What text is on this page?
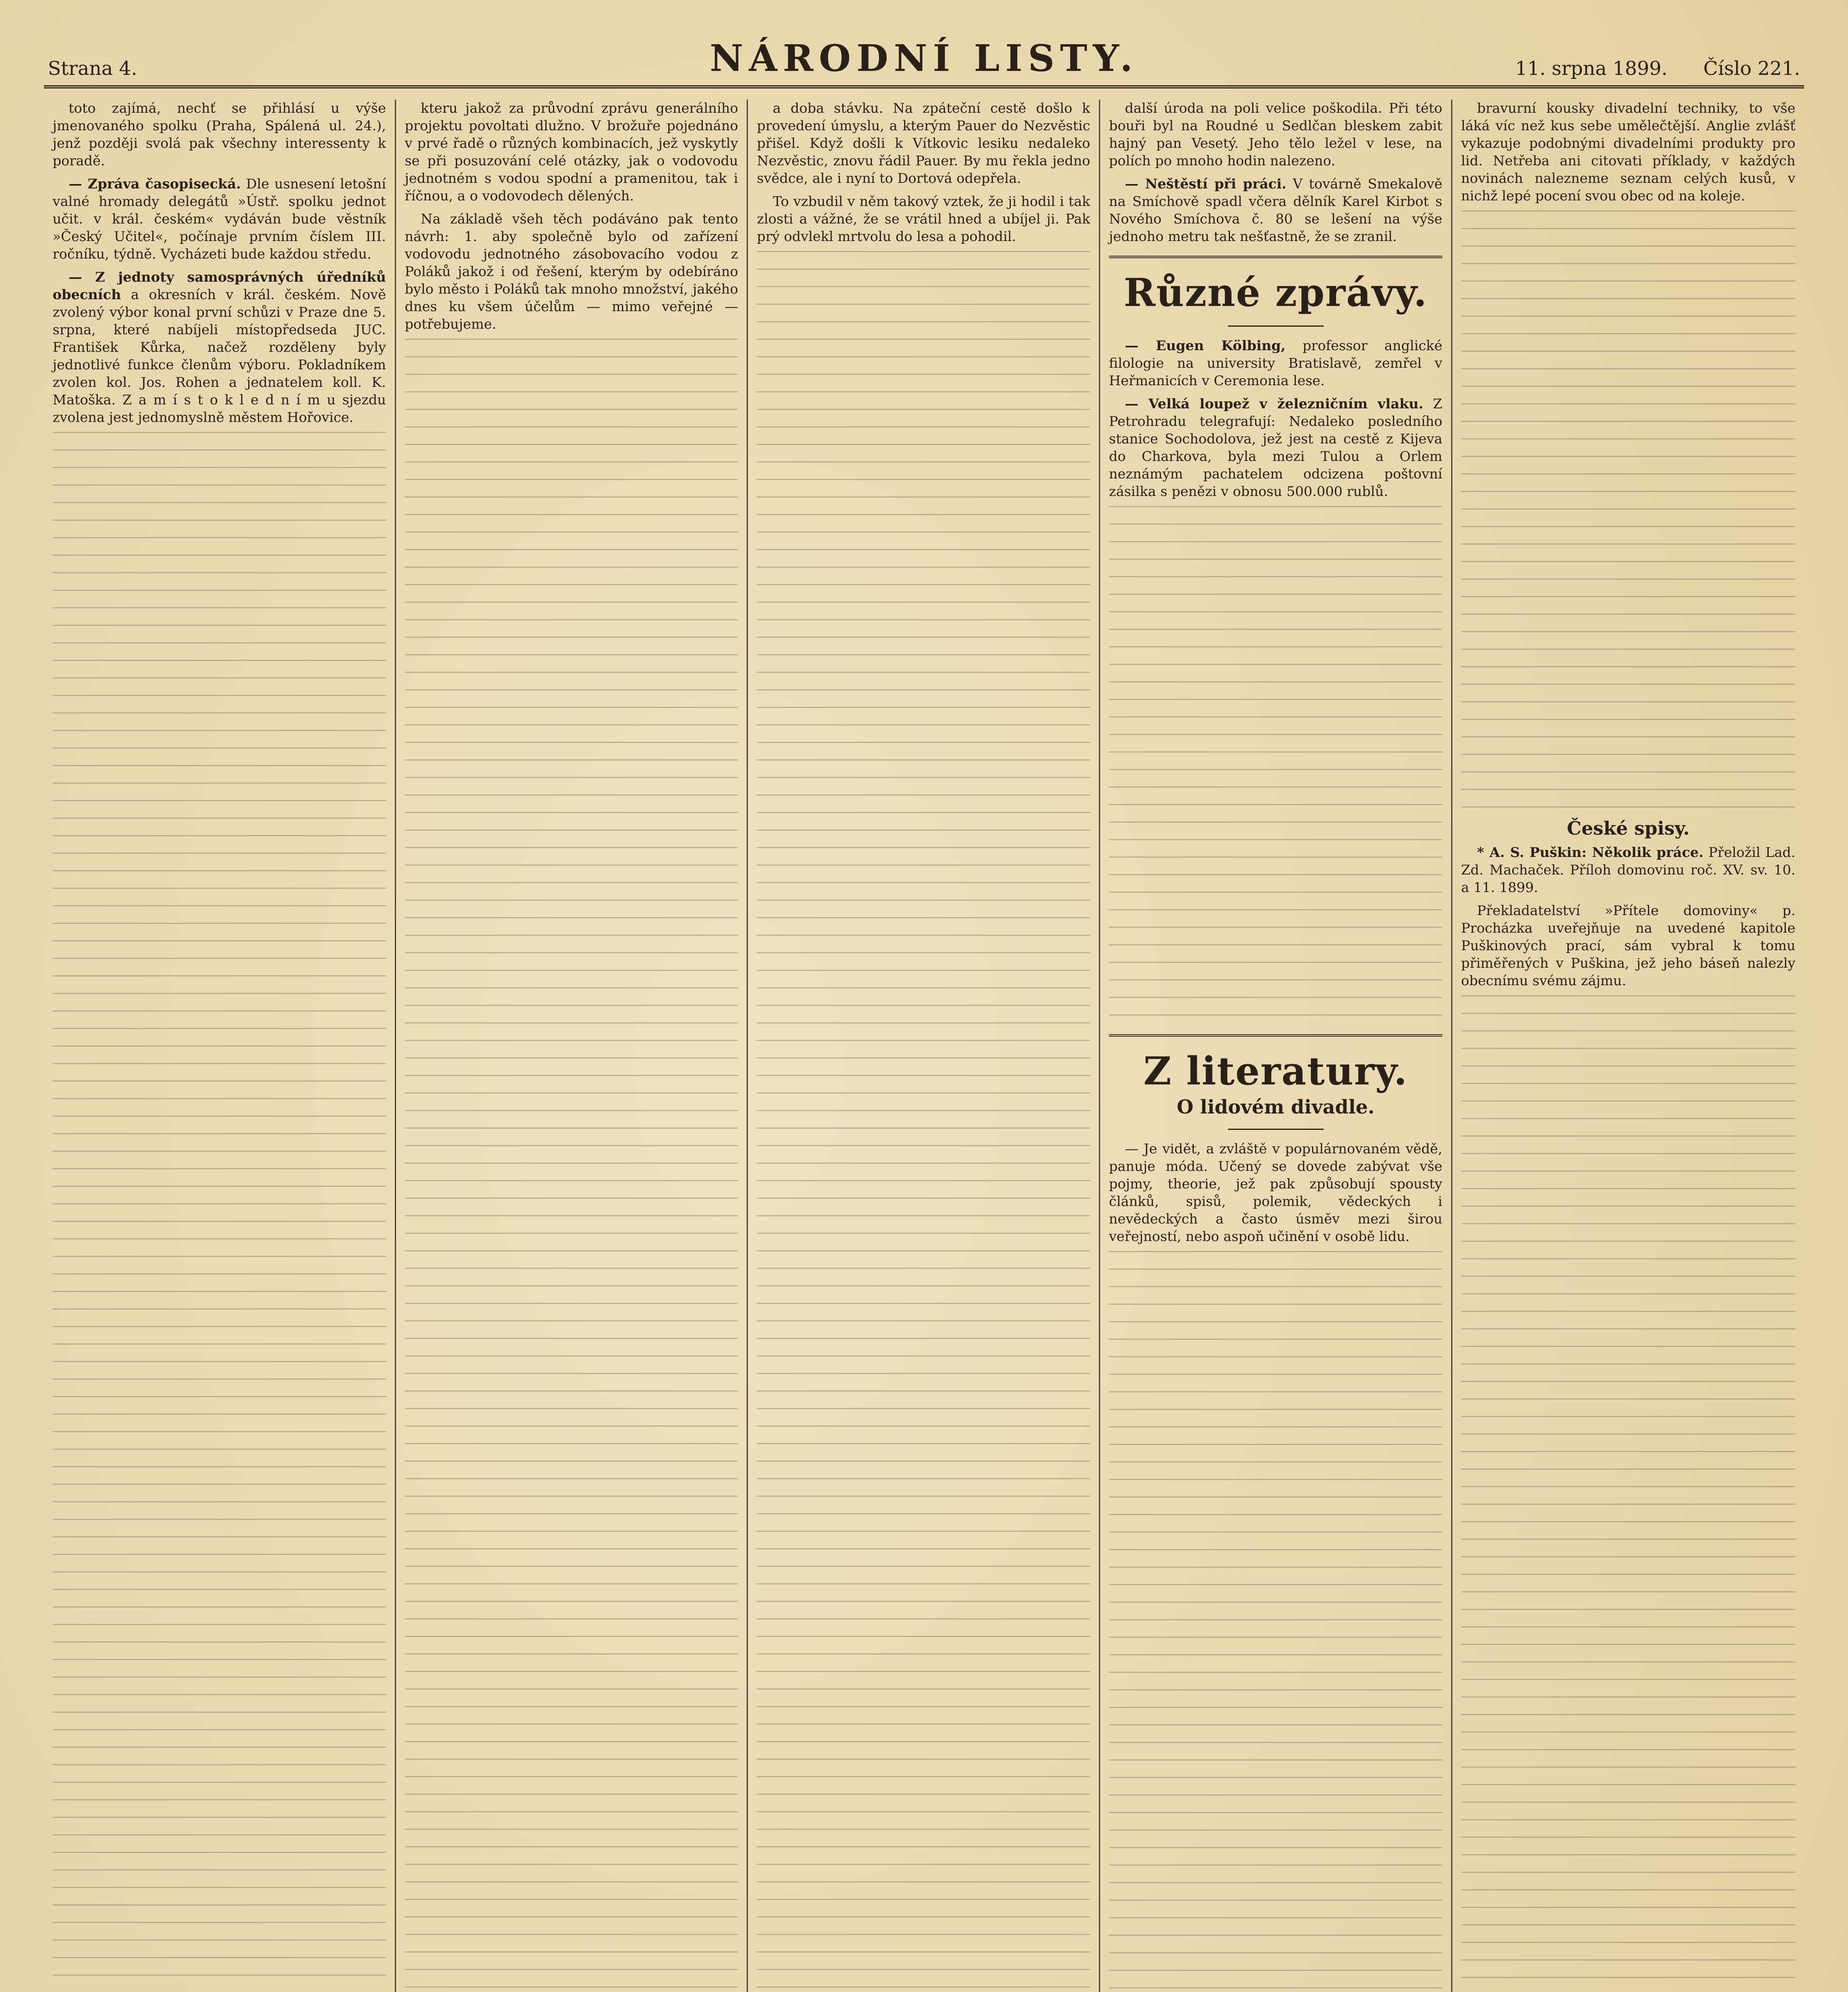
Strana 4.	NÁRODNÍ LISTY.	11. srpna 1899. Číslo 221.

toto zajímá, nechť se přihlásí u výše jmenovaného spolku (Praha, Spálená ul. 24.), jenž později svolá pak všechny interessenty k poradě.

— Zpráva časopisecká. Dle usnesení letošní valné hromady delegátů »Ústř. spolku jednot učit. v král. českém« vydáván bude věstník »Český Učitel«, počínaje prvním číslem III. ročníku, týdně. Vycházeti bude každou středu.

— Z jednoty samosprávných úředníků obecních a okresních v král. českém. Nově zvolený výbor konal první schůzi v Praze dne 5. srpna, které nabíjeli místopředseda JUC. František Kůrka, načež rozděleny byly jednotlivé funkce členům výboru. Pokladníkem zvolen kol. Jos. Rohen a jednatelem koll. K. Matoška. Z a m í s t o k l e d n í m u sjezdu zvolena jest jednomyslně městem Hořovice.

kteru jakož za průvodní zprávu generálního projektu povoltati dlužno. V brožuře pojednáno v prvé řadě o různých kombinacích, jež vyskytly se při posuzování celé otázky, jak o vodovodu jednotném s vodou spodní a pramenitou, tak i říčnou, a o vodovodech dělených.

Na základě všeh těch podáváno pak tento návrh: 1. aby společně bylo od zařízení vodovodu jednotného zásobovacího vodou z Poláků jakož i od řešení, kterým by odebíráno bylo město i Poláků tak mnoho množství, jakého dnes ku všem účelům — mimo veřejné — potřebujeme.

a doba stávku. Na zpáteční cestě došlo k provedení úmyslu, a kterým Pauer do Nezvěstic přišel. Když došli k Vítkovic lesiku nedaleko Nezvěstic, znovu řádil Pauer. By mu řekla jedno svědce, ale i nyní to Dortová odepřela.

To vzbudil v něm takový vztek, že ji hodil i tak zlosti a vážné, že se vrátil hned a ubíjel ji. Pak prý odvlekl mrtvolu do lesa a pohodil.

další úroda na poli velice poškodila. Při této bouři byl na Roudné u Sedlčan bleskem zabit hajný pan Vesetý. Jeho tělo ležel v lese, na polích po mnoho hodin nalezeno.

— Neštěstí při práci. V továrně Smekalově na Smíchově spadl včera dělník Karel Kirbot s Nového Smíchova č. 80 se lešení na výše jednoho metru tak nešťastně, že se zranil.

Různé zprávy.

— Eugen Kölbing, professor anglické filologie na university Bratislavě, zemřel v Heřmanicích v Ceremonia lese.

— Velká loupež v železničním vlaku. Z Petrohradu telegrafují: Nedaleko posledního stanice Sochodolova, jež jest na cestě z Kijeva do Charkova, byla mezi Tulou a Orlem neznámým pachatelem odcizena poštovní zásilka s penězi v obnosu 500.000 rublů.

Z literatury.
O lidovém divadle.

— Je vidět, a zvláště v populárnovaném vědě, panuje móda. Učený se dovede zabývat vše pojmy, theorie, jež pak způsobují spousty článků, spisů, polemik, vědeckých i nevědeckých a často úsměv mezi širou veřejností, nebo aspoň učinění v osobě lidu.

bravurní kousky divadelní techniky, to vše láká víc než kus sebe umělečtější. Anglie zvlášť vykazuje podobnými divadelními produkty pro lid. Netřeba ani citovati příklady, v každých novinách nalezneme seznam celých kusů, v nichž lepé pocení svou obec od na koleje.

České spisy.

* A. S. Puškin: Několik práce. Přeložil Lad. Zd. Machaček. Příloh domovinu roč. XV. sv. 10. a 11. 1899.

Překladatelství »Přítele domoviny« p. Procházka uveřejňuje na uvedené kapitole Puškinových prací, sám vybral k tomu přiměřených v Puškina, jež jeho báseň nalezly obecnímu svému zájmu.
